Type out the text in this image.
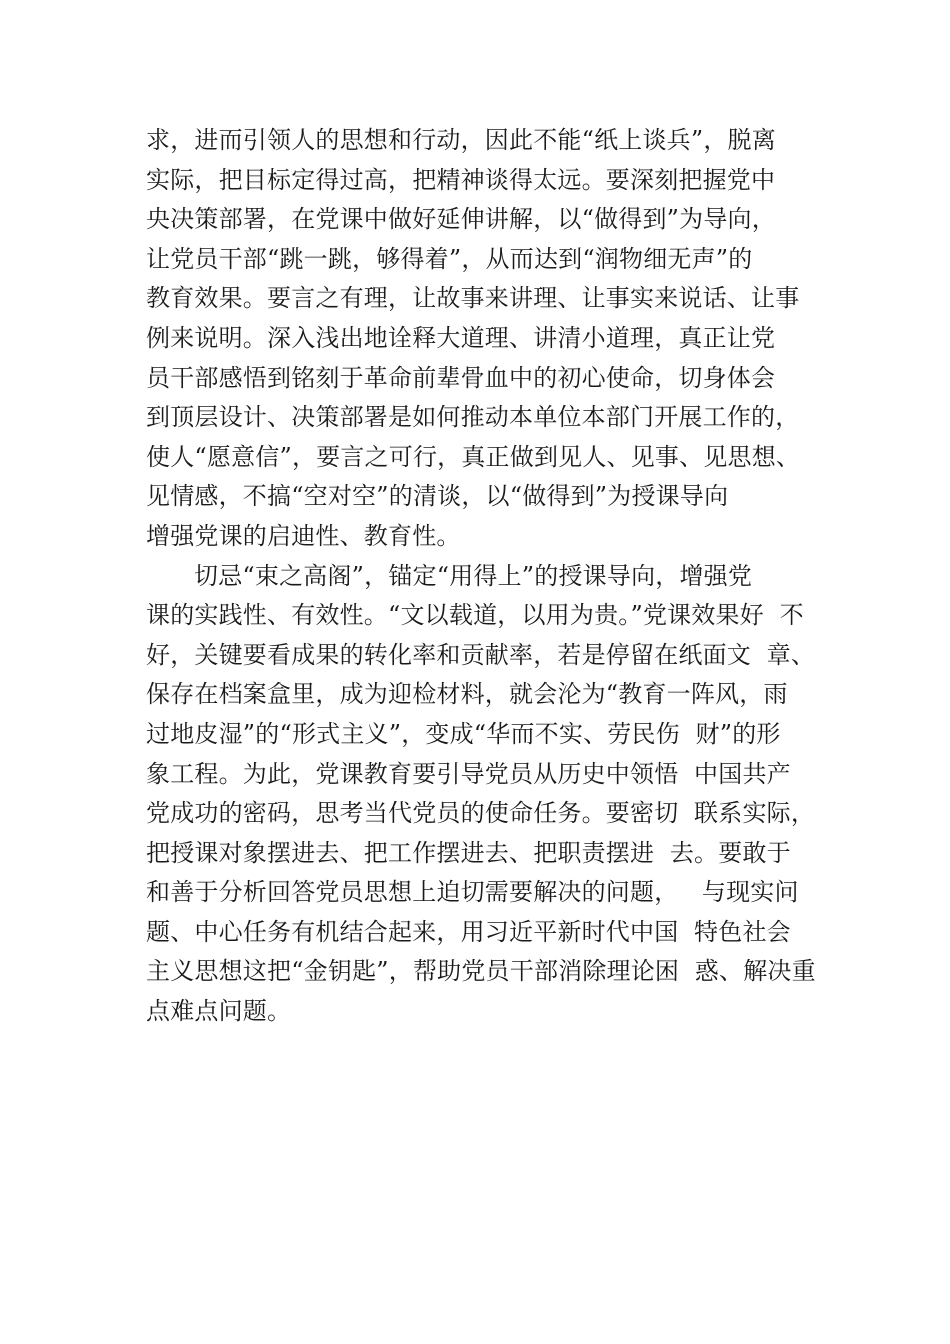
求，进而引领人的思想和行动，因此不能“纸上谈兵”，脱离
实际，把目标定得过高，把精神谈得太远。要深刻把握党中
央决策部署，在党课中做好延伸讲解，以“做得到”为导向，
让党员干部“跳一跳，够得着”，从而达到“润物细无声”的
教育效果。要言之有理，让故事来讲理、让事实来说话、让事
例来说明。深入浅出地诠释大道理、讲清小道理，真正让党
员干部感悟到铭刻于革命前辈骨血中的初心使命，切身体会
到顶层设计、决策部署是如何推动本单位本部门开展工作的，
使人“愿意信”，要言之可行，真正做到见人、见事、见思想、
见情感，不搞“空对空”的清谈，以“做得到”为授课导向
增强党课的启迪性、教育性。
切忌“束之高阁”，锚定“用得上”的授课导向，增强党
课的实践性、有效性。“文以载道，以用为贵。”党课效果好  不
好，关键要看成果的转化率和贡献率，若是停留在纸面文  章、
保存在档案盒里，成为迎检材料，就会沦为“教育一阵风，雨
过地皮湿”的“形式主义”，变成“华而不实、劳民伤  财”的形
象工程。为此，党课教育要引导党员从历史中领悟  中国共产
党成功的密码，思考当代党员的使命任务。要密切  联系实际，
把授课对象摆进去、把工作摆进去、把职责摆进  去。要敢于
和善于分析回答党员思想上迫切需要解决的问题，   与现实问
题、中心任务有机结合起来，用习近平新时代中国  特色社会
主义思想这把“金钥匙”，帮助党员干部消除理论困  惑、解决重
点难点问题。
